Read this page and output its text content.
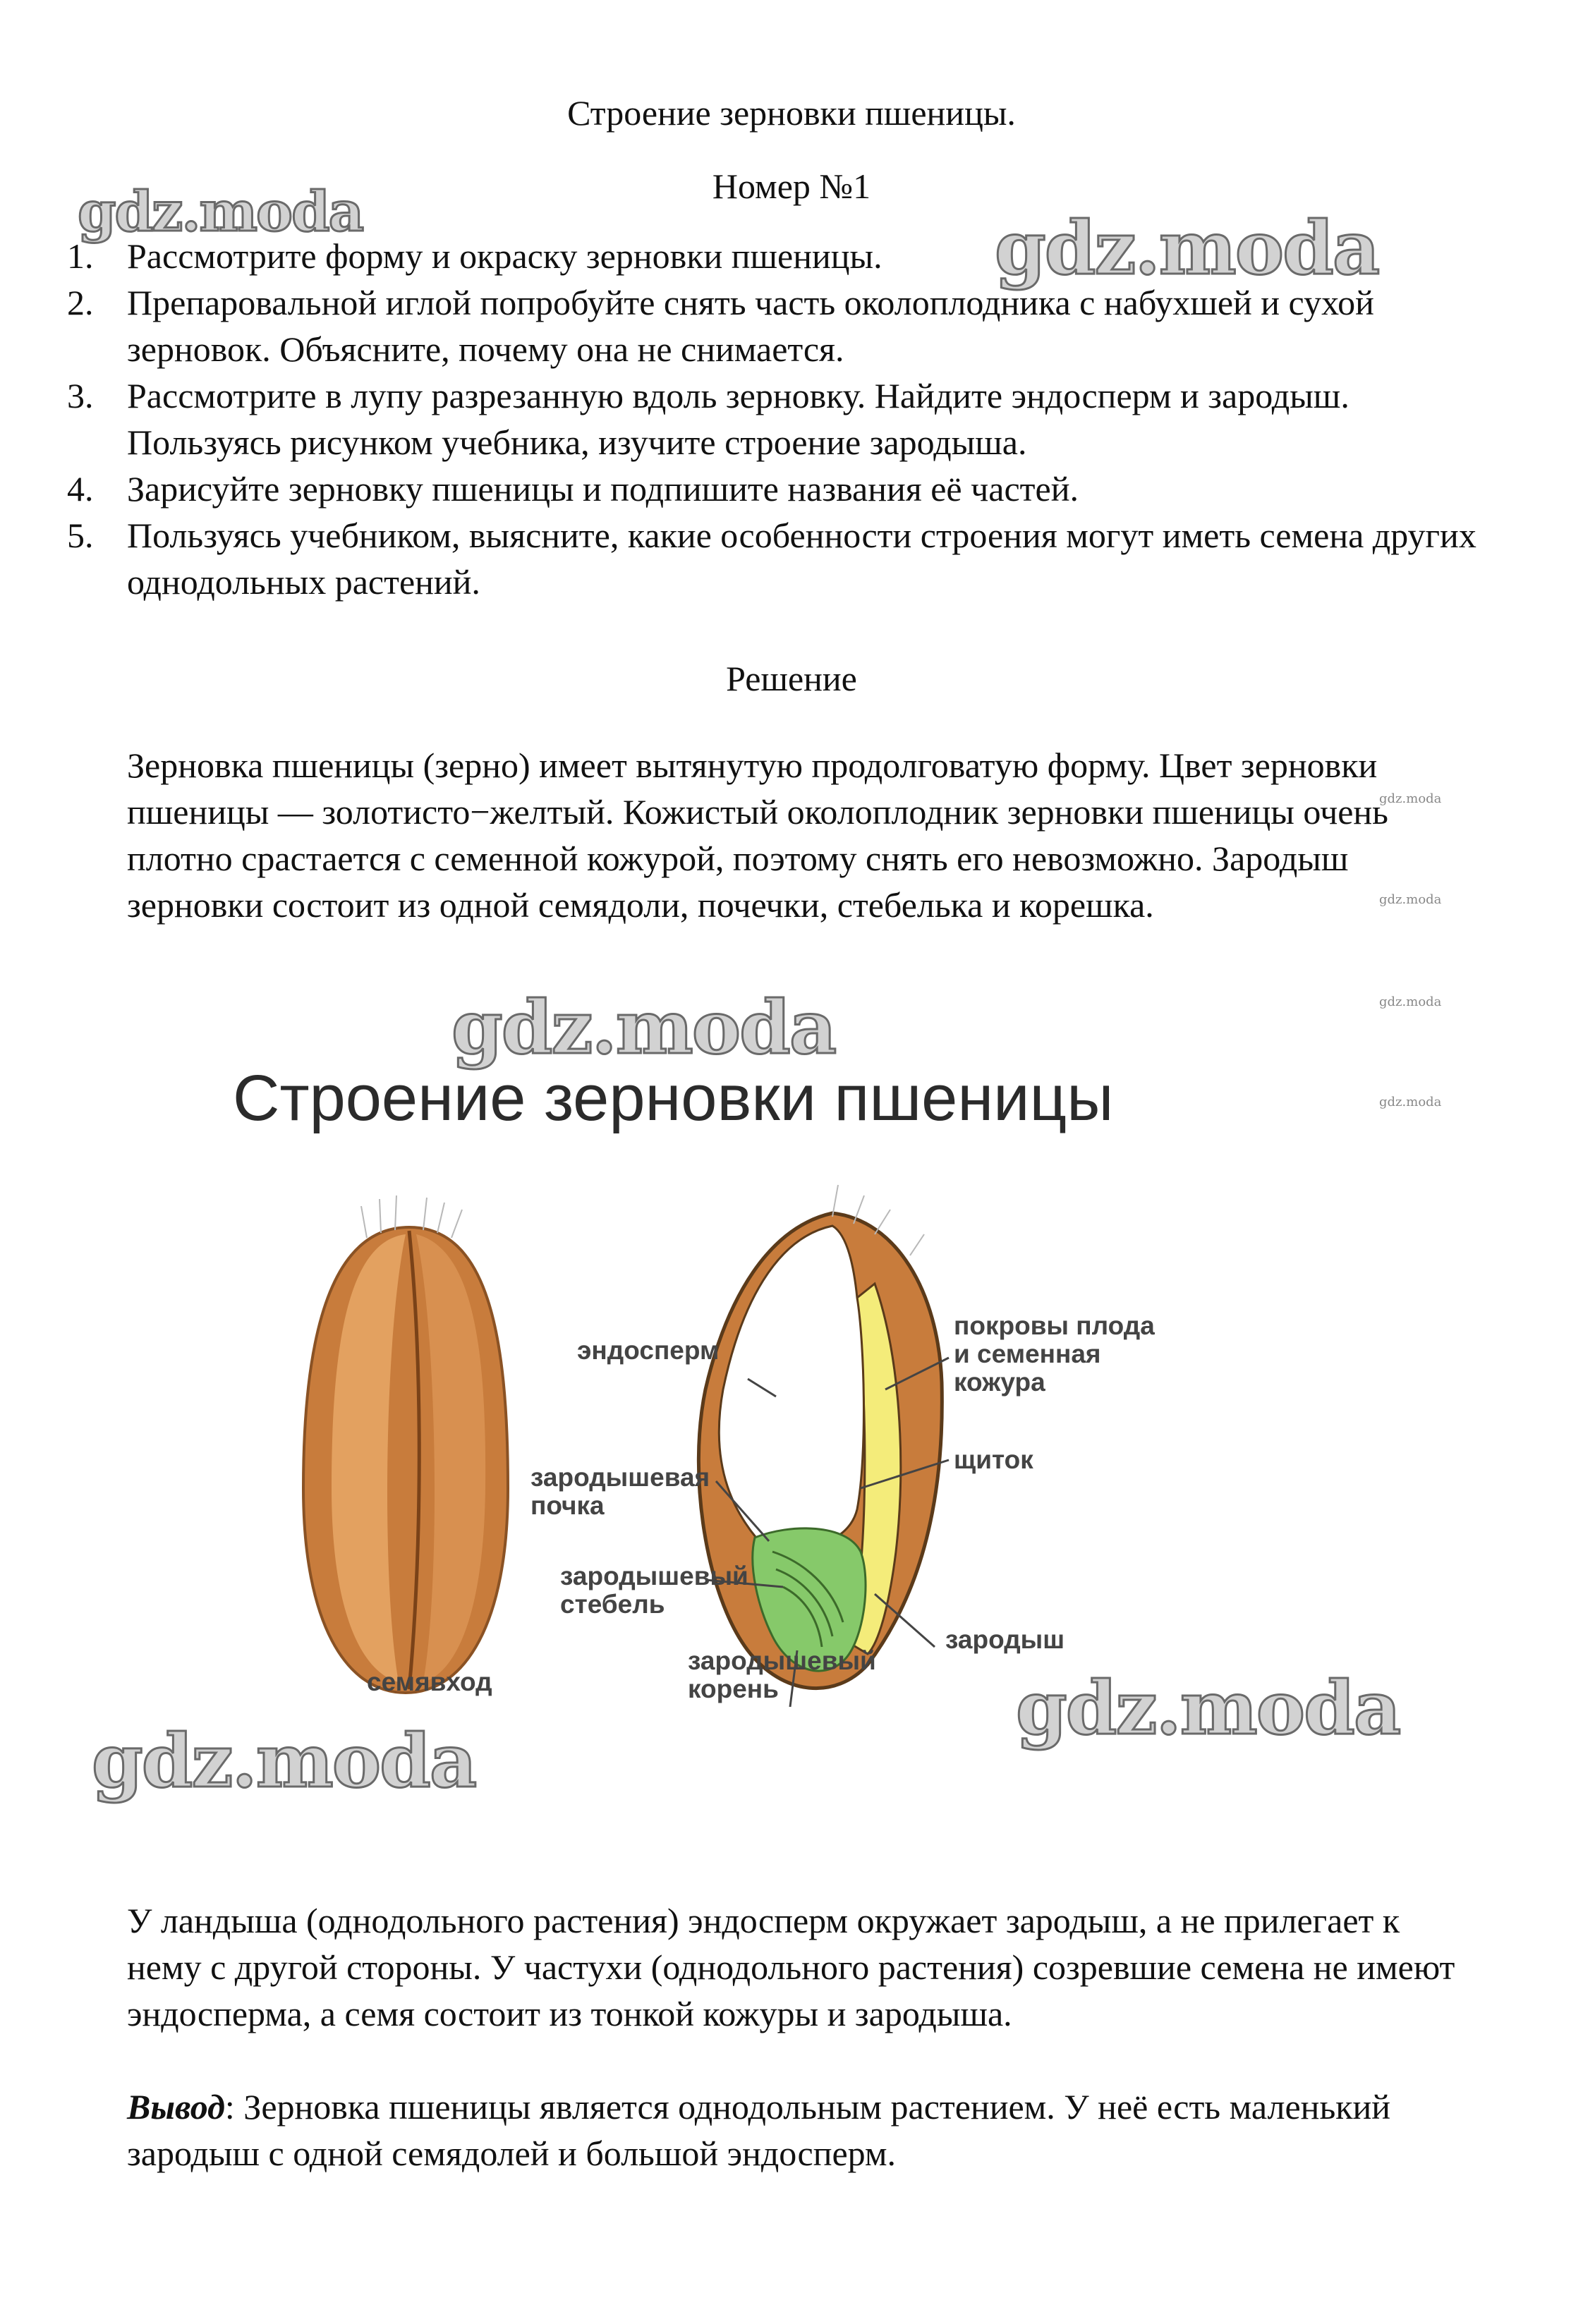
Строение зерновки пшеницы.
Номер №1
1. Рассмотрите форму и окраску зерновки пшеницы.
2. Препаровальной иглой попробуйте снять часть околоплодника с набухшей и сухой зерновок. Объясните, почему она не снимается.
3. Рассмотрите в лупу разрезанную вдоль зерновку. Найдите эндосперм и зародыш. Пользуясь рисунком учебника, изучите строение зародыша.
4. Зарисуйте зерновку пшеницы и подпишите названия её частей.
5. Пользуясь учебником, выясните, какие особенности строения могут иметь семена других однодольных растений.
Решение

Зерновка пшеницы (зерно) имеет вытянутую продолговатую форму. Цвет зерновки пшеницы — золотисто−желтый. Кожистый околоплодник зерновки пшеницы очень плотно срастается с семенной кожурой, поэтому снять его невозможно. Зародыш зерновки состоит из одной семядоли, почечки, стебелька и корешка.

Строение зерновки пшеницы
эндосперм
покровы плода и семенная кожура
щиток
зародышевая почка
зародышевый стебель
зародыш
зародышевый корень
семявход

У ландыша (однодольного растения) эндосперм окружает зародыш, а не прилегает к нему с другой стороны. У частухи (однодольного растения) созревшие семена не имеют эндосперма, а семя состоит из тонкой кожуры и зародыша.

Вывод: Зерновка пшеницы является однодольным растением. У неё есть маленький зародыш с одной семядолей и большой эндосперм.

gdz.moda	gdz.moda
gdz.moda
gdz.moda
gdz.moda
gdz.moda
gdz.moda
gdz.moda
gdz.moda
